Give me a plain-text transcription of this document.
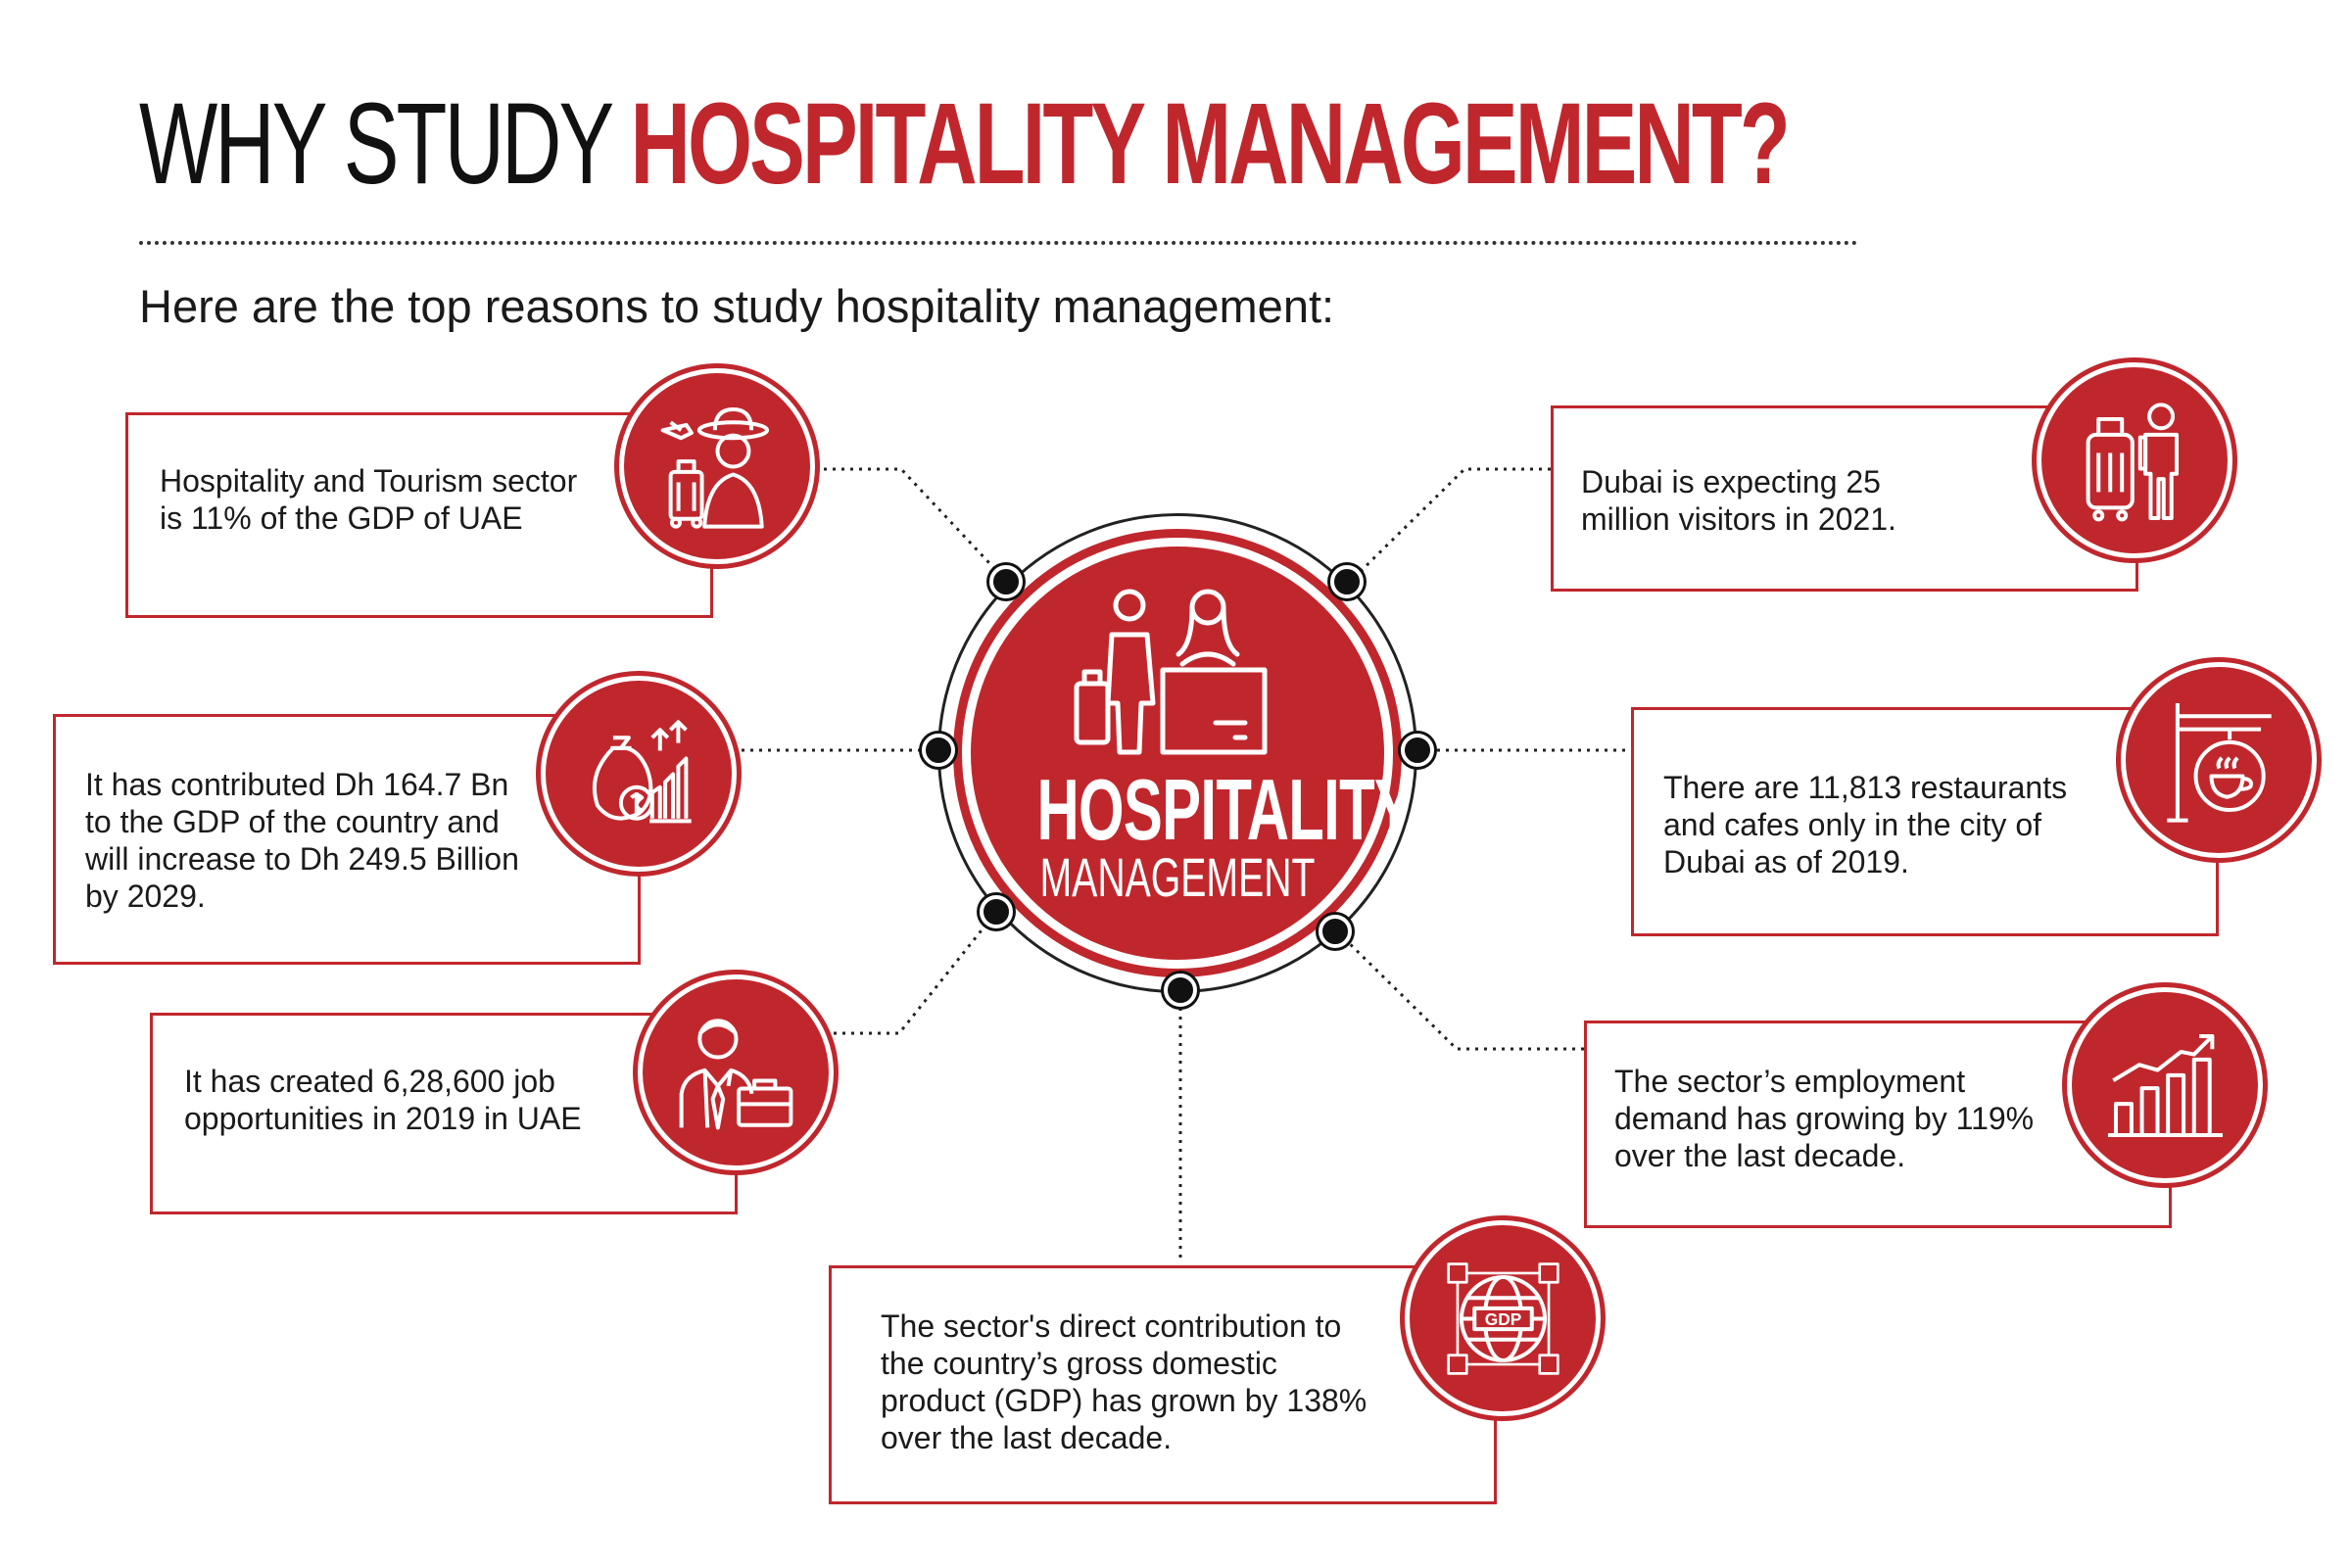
WHY STUDY HOSPITALITY MANAGEMENT?
Here are the top reasons to study hospitality management:
HOSPITALITY
MANAGEMENT
Hospitality and Tourism sector is 11% of the GDP of UAE
It has contributed Dh 164.7 Bn to the GDP of the country and will increase to Dh 249.5 Billion by 2029.
It has created 6,28,600 job opportunities in 2019 in UAE
The sector's direct contribution to the country’s gross domestic product (GDP) has grown by 138% over the last decade.
GDP
Dubai is expecting 25 million visitors in 2021.
There are 11,813 restaurants and cafes only in the city of Dubai as of 2019.
The sector’s employment demand has growing by 119% over the last decade.
